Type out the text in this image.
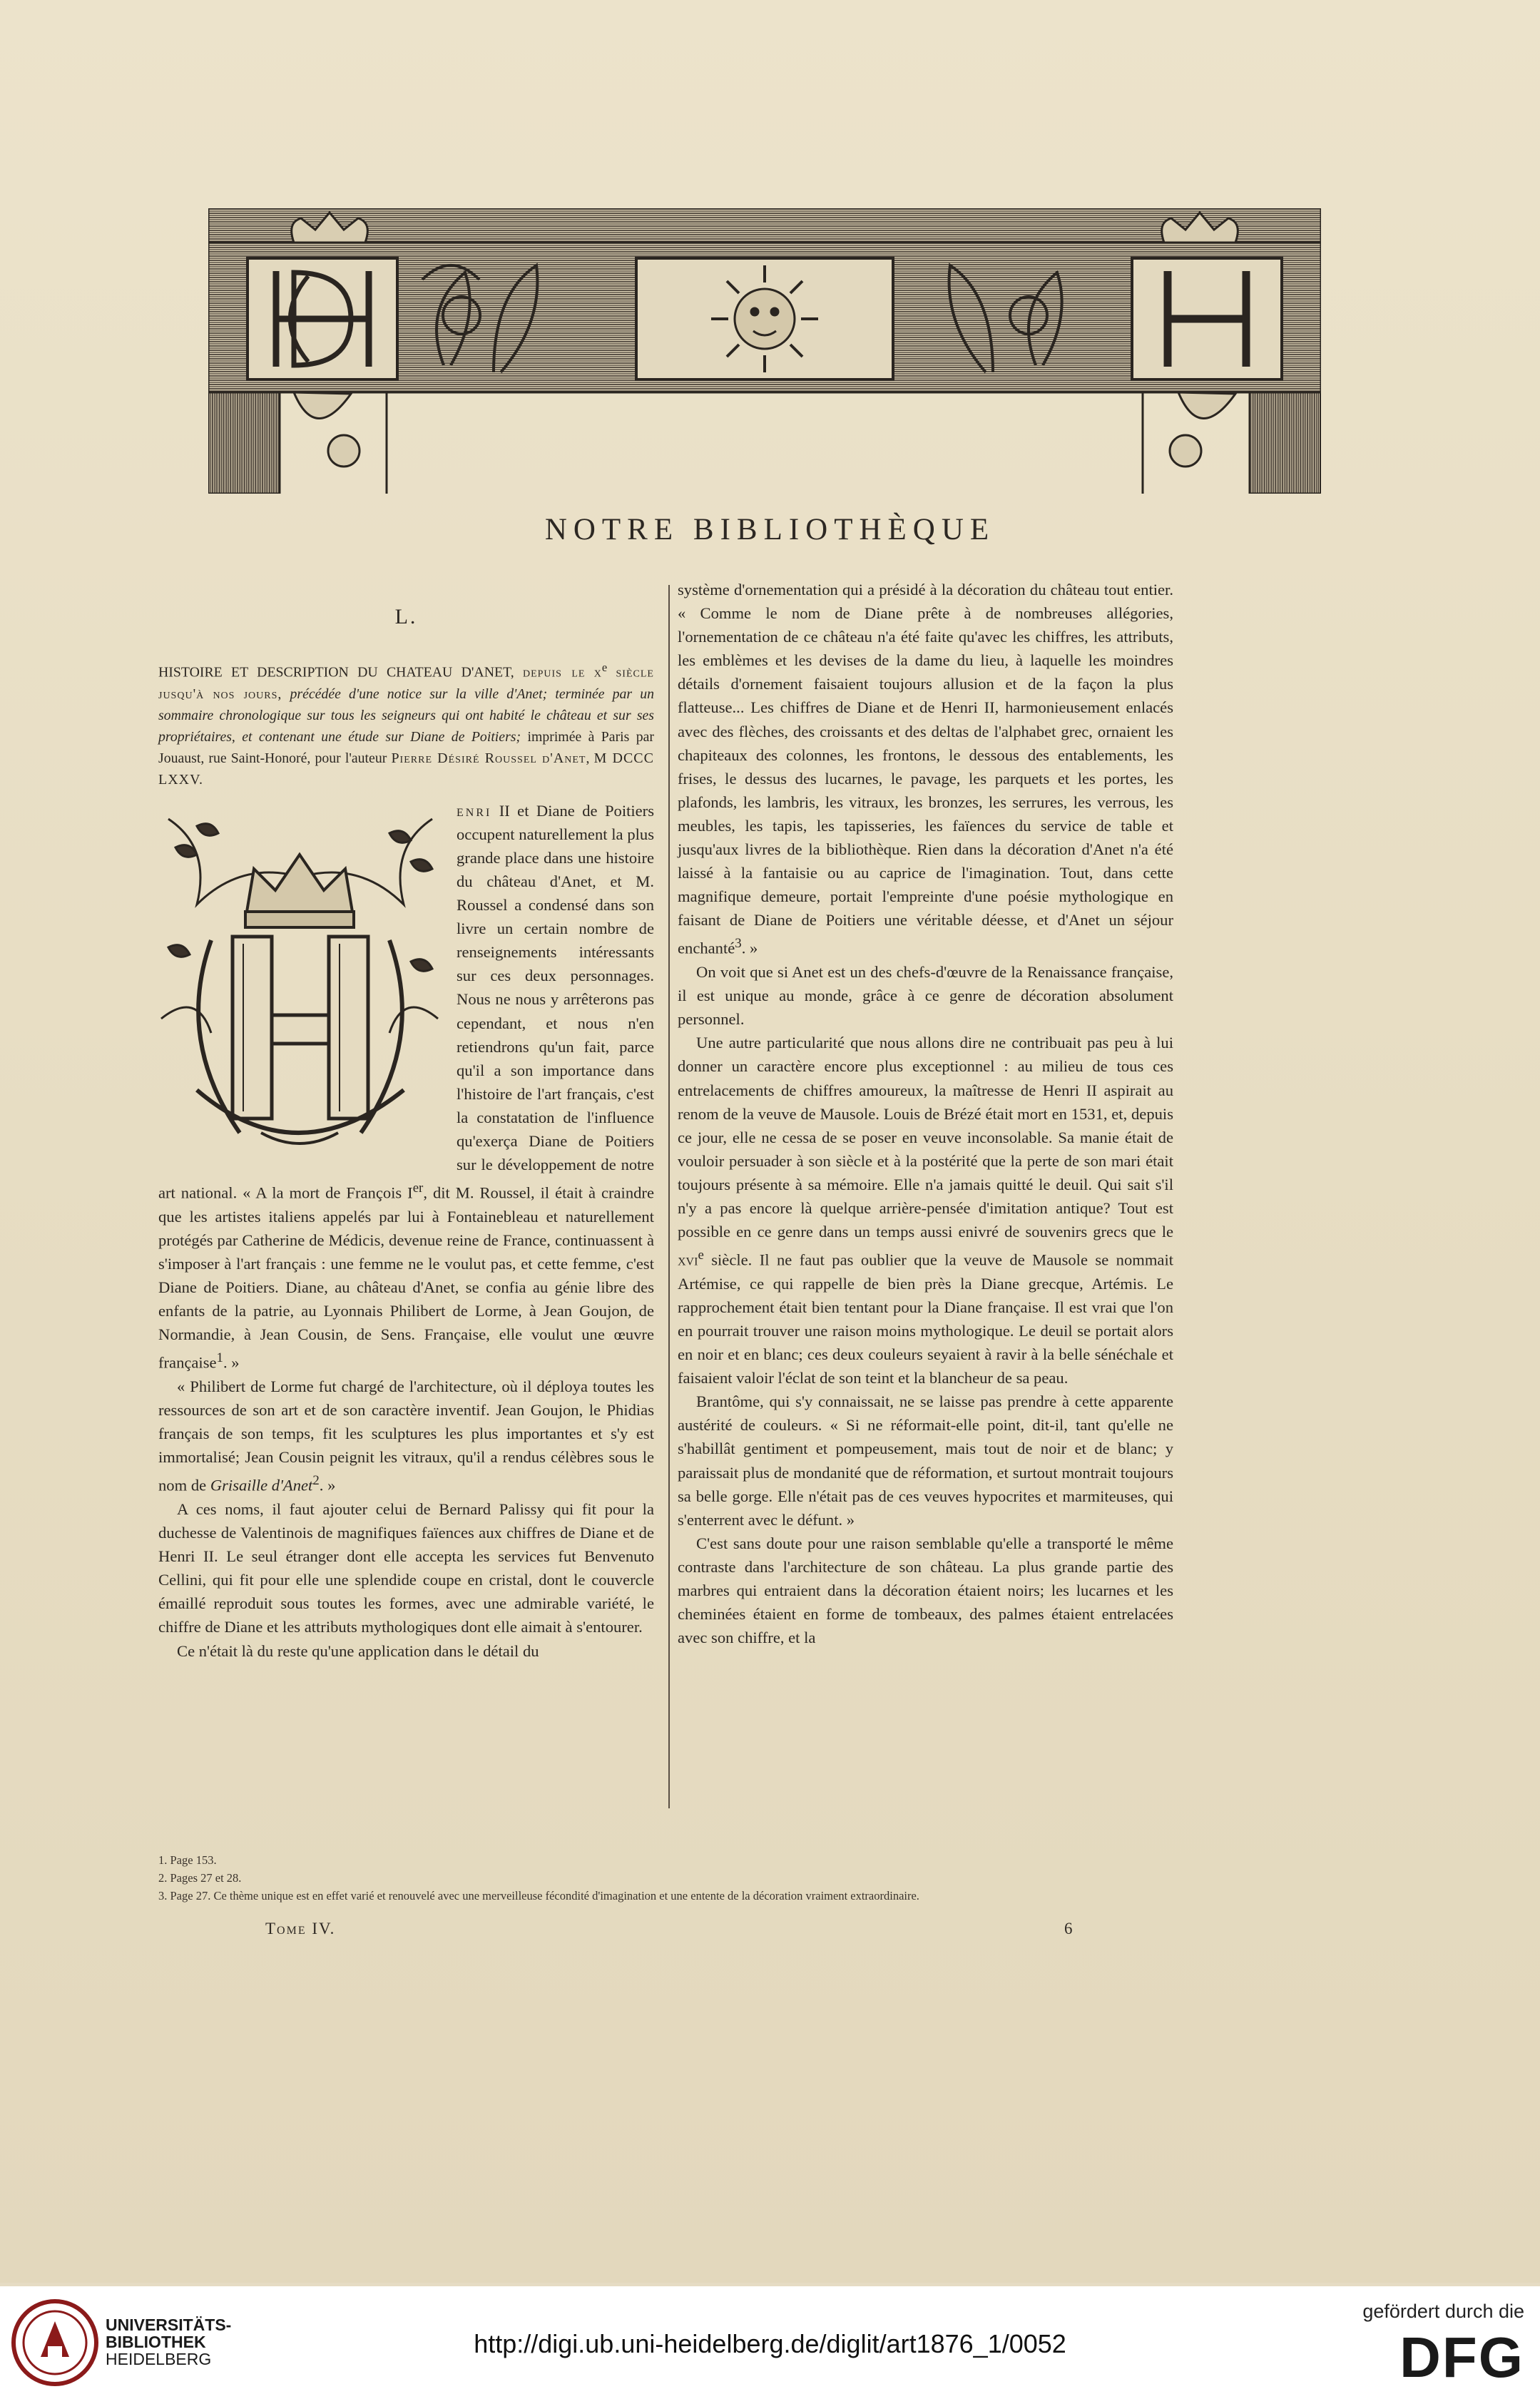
NOTRE BIBLIOTHÈQUE
L.
HISTOIRE ET DESCRIPTION DU CHATEAU D'ANET, depuis le $x^e$ siècle jusqu'à nos jours, précédée d'une notice sur la ville d'Anet; terminée par un sommaire chronologique sur tous les seigneurs qui ont habité le château et sur ses propriétaires, et contenant une étude sur Diane de Poitiers; imprimée à Paris par Jouaust, rue Saint-Honoré, pour l'auteur Pierre Désiré Roussel d'Anet, M DCCC LXXV.

enri II et Diane de Poitiers occupent naturellement la plus grande place dans une histoire du château d'Anet, et M. Roussel a condensé dans son livre un certain nombre de renseignements intéressants sur ces deux personnages. Nous ne nous y arrêterons pas cependant, et nous n'en retiendrons qu'un fait, parce qu'il a son importance dans l'histoire de l'art français, c'est la constatation de l'influence qu'exerça Diane de Poitiers sur le développement de notre art national. « A la mort de François Ier, dit M. Roussel, il était à craindre que les artistes italiens appelés par lui à Fontainebleau et naturellement protégés par Catherine de Médicis, devenue reine de France, continuassent à s'imposer à l'art français : une femme ne le voulut pas, et cette femme, c'est Diane de Poitiers. Diane, au château d'Anet, se confia au génie libre des enfants de la patrie, au Lyonnais Philibert de Lorme, à Jean Goujon, de Normandie, à Jean Cousin, de Sens. Française, elle voulut une œuvre française$^1$. »

« Philibert de Lorme fut chargé de l'architecture, où il déploya toutes les ressources de son art et de son caractère inventif. Jean Goujon, le Phidias français de son temps, fit les sculptures les plus importantes et s'y est immortalisé; Jean Cousin peignit les vitraux, qu'il a rendus célèbres sous le nom de Grisaille d'Anet$^2$. »

A ces noms, il faut ajouter celui de Bernard Palissy qui fit pour la duchesse de Valentinois de magnifiques faïences aux chiffres de Diane et de Henri II. Le seul étranger dont elle accepta les services fut Benvenuto Cellini, qui fit pour elle une splendide coupe en cristal, dont le couvercle émaillé reproduit sous toutes les formes, avec une admirable variété, le chiffre de Diane et les attributs mythologiques dont elle aimait à s'entourer.

Ce n'était là du reste qu'une application dans le détail du

système d'ornementation qui a présidé à la décoration du château tout entier. « Comme le nom de Diane prête à de nombreuses allégories, l'ornementation de ce château n'a été faite qu'avec les chiffres, les attributs, les emblèmes et les devises de la dame du lieu, à laquelle les moindres détails d'ornement faisaient toujours allusion et de la façon la plus flatteuse... Les chiffres de Diane et de Henri II, harmonieusement enlacés avec des flèches, des croissants et des deltas de l'alphabet grec, ornaient les chapiteaux des colonnes, les frontons, le dessous des entablements, les frises, le dessus des lucarnes, le pavage, les parquets et les portes, les plafonds, les lambris, les vitraux, les bronzes, les serrures, les verrous, les meubles, les tapis, les tapisseries, les faïences du service de table et jusqu'aux livres de la bibliothèque. Rien dans la décoration d'Anet n'a été laissé à la fantaisie ou au caprice de l'imagination. Tout, dans cette magnifique demeure, portait l'empreinte d'une poésie mythologique en faisant de Diane de Poitiers une véritable déesse, et d'Anet un séjour enchanté$^3$. »

On voit que si Anet est un des chefs-d'œuvre de la Renaissance française, il est unique au monde, grâce à ce genre de décoration absolument personnel.

Une autre particularité que nous allons dire ne contribuait pas peu à lui donner un caractère encore plus exceptionnel : au milieu de tous ces entrelacements de chiffres amoureux, la maîtresse de Henri II aspirait au renom de la veuve de Mausole. Louis de Brézé était mort en 1531, et, depuis ce jour, elle ne cessa de se poser en veuve inconsolable. Sa manie était de vouloir persuader à son siècle et à la postérité que la perte de son mari était toujours présente à sa mémoire. Elle n'a jamais quitté le deuil. Qui sait s'il n'y a pas encore là quelque arrière-pensée d'imitation antique? Tout est possible en ce genre dans un temps aussi enivré de souvenirs grecs que le xvi$^e$ siècle. Il ne faut pas oublier que la veuve de Mausole se nommait Artémise, ce qui rappelle de bien près la Diane grecque, Artémis. Le rapprochement était bien tentant pour la Diane française. Il est vrai que l'on en pourrait trouver une raison moins mythologique. Le deuil se portait alors en noir et en blanc; ces deux couleurs seyaient à ravir à la belle sénéchale et faisaient valoir l'éclat de son teint et la blancheur de sa peau.

Brantôme, qui s'y connaissait, ne se laisse pas prendre à cette apparente austérité de couleurs. « Si ne réformait-elle point, dit-il, tant qu'elle ne s'habillât gentiment et pompeusement, mais tout de noir et de blanc; y paraissait plus de mondanité que de réformation, et surtout montrait toujours sa belle gorge. Elle n'était pas de ces veuves hypocrites et marmiteuses, qui s'enterrent avec le défunt. »

C'est sans doute pour une raison semblable qu'elle a transporté le même contraste dans l'architecture de son château. La plus grande partie des marbres qui entraient dans la décoration étaient noirs; les lucarnes et les cheminées étaient en forme de tombeaux, des palmes étaient entrelacées avec son chiffre, et la

1. Page 153.
2. Pages 27 et 28.
3. Page 27. Ce thème unique est en effet varié et renouvelé avec une merveilleuse fécondité d'imagination et une entente de la décoration vraiment extraordinaire.
Tome IV.	6
UNIVERSITÄTS-
BIBLIOTHEK
HEIDELBERG
http://digi.ub.uni-heidelberg.de/diglit/art1876_1/0052
gefördert durch die
DFG
